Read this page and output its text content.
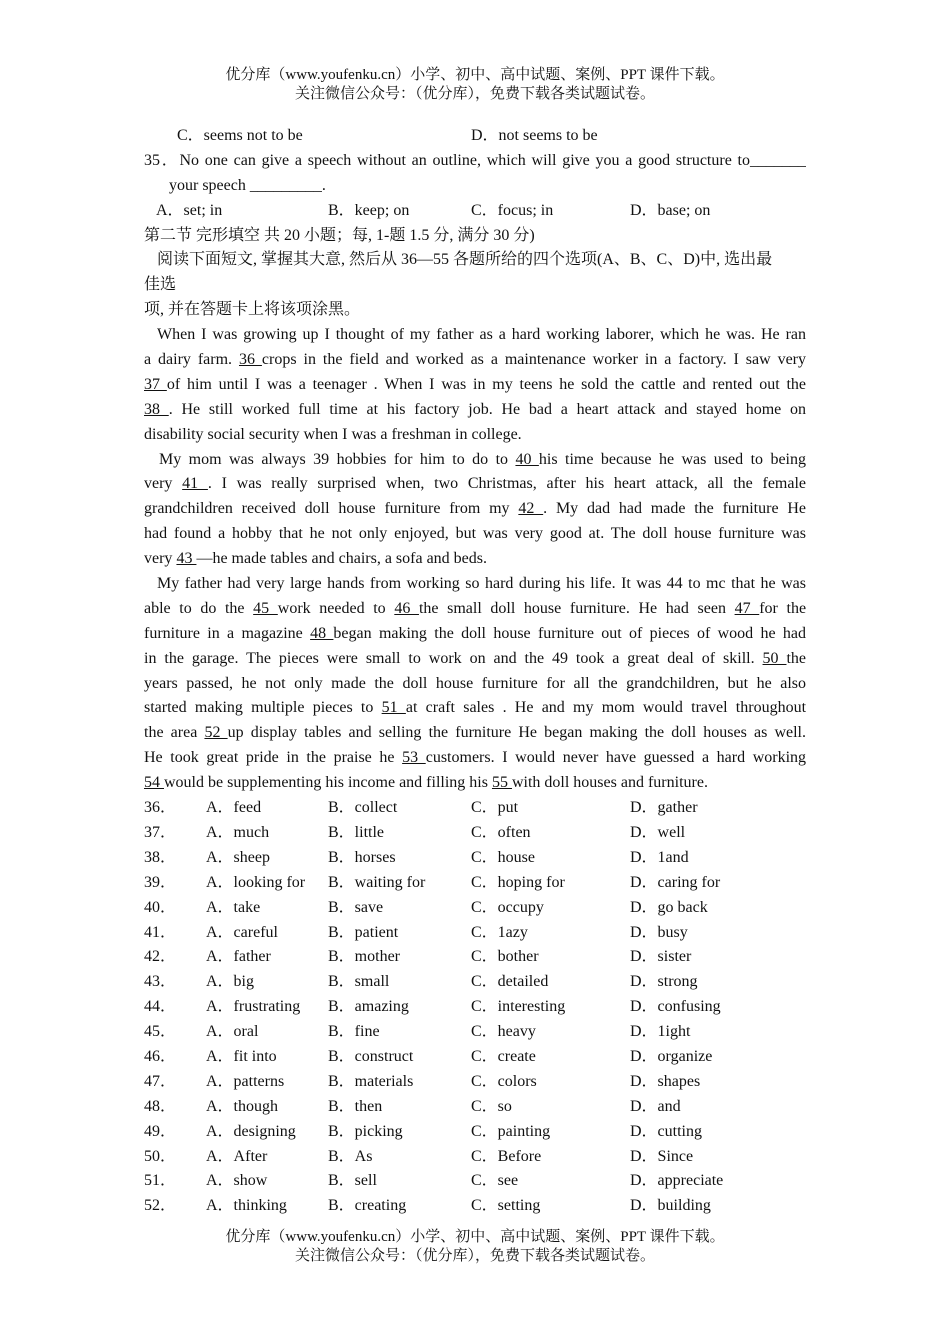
优分库（www.youfenku.cn）小学、初中、高中试题、案例、PPT 课件下载。
关注微信公众号：（优分库），免费下载各类试题试卷。
C．seems not to be	D．not seems to be
35．No one can give a speech without an outline, which will give you a good structure to_______
your speech _________.
A．set; in	B．keep; on	C．focus; in	D．base; on
第二节 完形填空 共 20 小题；每, 1-题 1.5 分, 满分 30 分)
阅读下面短文, 掌握其大意, 然后从 36—55 各题所给的四个选项(A、B、C、D)中, 选出最
佳选
项, 并在答题卡上将该项涂黑。
When I was growing up I thought of my father as a hard working laborer, which he was. He ran
a dairy farm. 36 crops in the field and worked as a maintenance worker in a factory. I saw very
37 of him until I was a teenager . When I was in my teens he sold the cattle and rented out the
38 . He still worked full time at his factory job. He bad a heart attack and stayed home on
disability social security when I was a freshman in college.
My mom was always 39 hobbies for him to do to 40 his time because he was used to being
very 41 . I was really surprised when, two Christmas, after his heart attack, all the female
grandchildren received doll house furniture from my 42 . My dad had made the furniture He
had found a hobby that he not only enjoyed, but was very good at. The doll house furniture was
very 43 —he made tables and chairs, a sofa and beds.
My father had very large hands from working so hard during his life. It was 44 to mc that he was
able to do the 45 work needed to 46 the small doll house furniture. He had seen 47 for the
furniture in a magazine 48 began making the doll house furniture out of pieces of wood he had
in the garage. The pieces were small to work on and the 49 took a great deal of skill. 50 the
years passed, he not only made the doll house furniture for all the grandchildren, but he also
started making multiple pieces to 51 at craft sales . He and my mom would travel throughout
the area 52 up display tables and selling the furniture He began making the doll houses as well.
He took great pride in the praise he 53 customers. I would never have guessed a hard working
54 would be supplementing his income and filling his 55 with doll houses and furniture.
36． A．feed	B．collect	C．put	D．gather
37． A．much	B．little	C．often	D．well
38． A．sheep	B．horses	C．house	D．1and
39． A．looking for B．waiting for	C．hoping for	D．caring for
40． A．take	B．save	C．occupy	D．go back
41． A．careful	B．patient	C．1azy	D．busy
42． A．father	B．mother	C．bother	D．sister
43． A．big	B．small	C．detailed	D．strong
44． A．frustrating B．amazing	C．interesting	D．confusing
45． A．oral	B．fine	C．heavy	D．1ight
46． A．fit into	B．construct	C．create	D．organize
47． A．patterns	B．materials	C．colors	D．shapes
48． A．though	B．then	C．so	D．and
49． A．designing B．picking	C．painting	D．cutting
50． A．After	B．As	C．Before	D．Since
51． A．show	B．sell	C．see	D．appreciate
52． A．thinking	B．creating	C．setting	D．building
优分库（www.youfenku.cn）小学、初中、高中试题、案例、PPT 课件下载。
关注微信公众号：（优分库），免费下载各类试题试卷。
